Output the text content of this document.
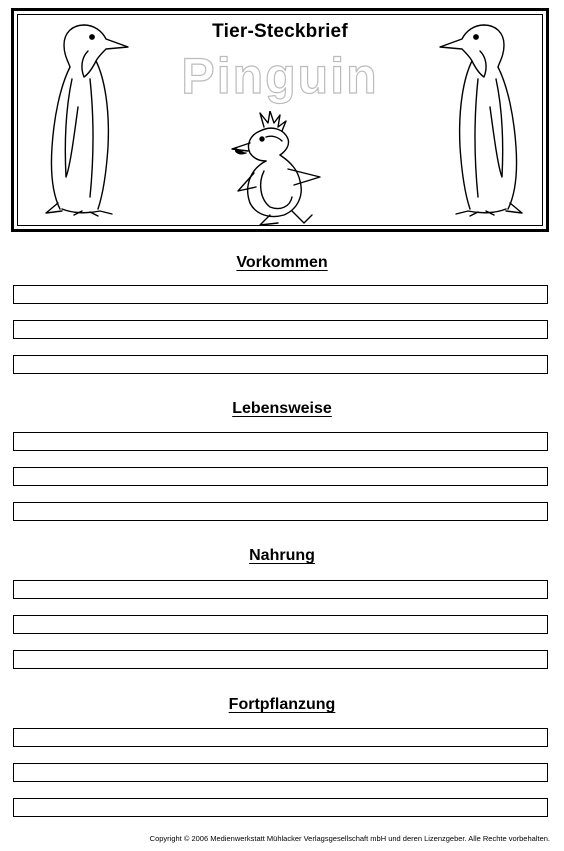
Tier-Steckbrief
Pinguin
Vorkommen
Lebensweise
Nahrung
Fortpflanzung
Copyright © 2006 Medienwerkstatt Mühlacker Verlagsgesellschaft mbH und deren Lizenzgeber. Alle Rechte vorbehalten.
